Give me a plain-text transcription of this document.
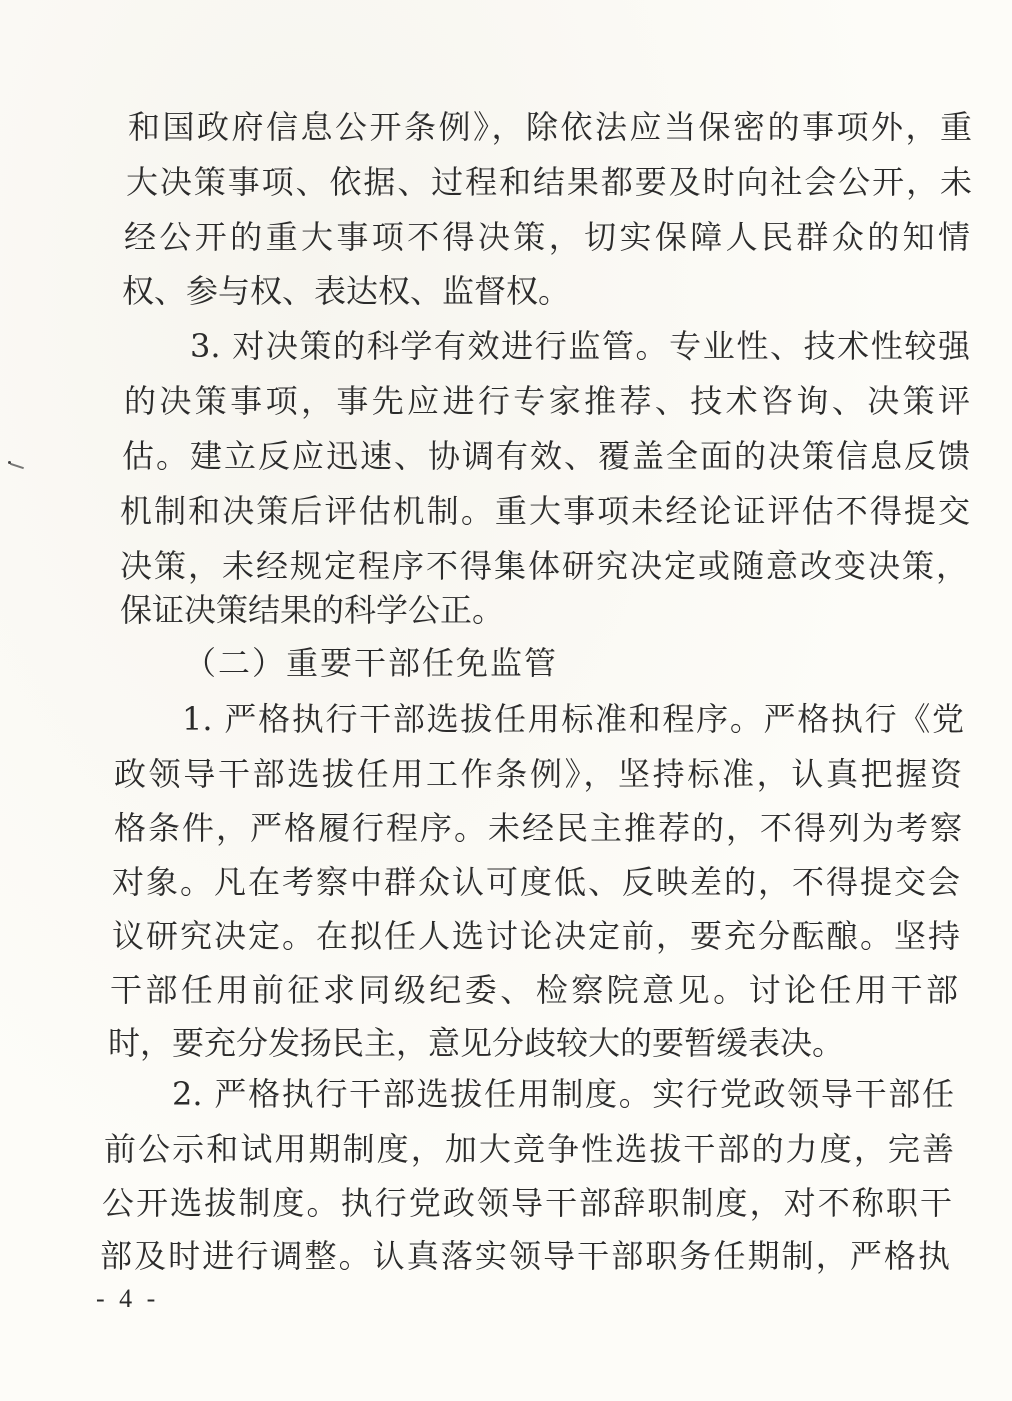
和国政府信息公开条例》，除依法应当保密的事项外，重
大决策事项、依据、过程和结果都要及时向社会公开，未
经公开的重大事项不得决策，切实保障人民群众的知情
权、参与权、表达权、监督权。
3. 对决策的科学有效进行监管。专业性、技术性较强
的决策事项，事先应进行专家推荐、技术咨询、决策评
估。建立反应迅速、协调有效、覆盖全面的决策信息反馈
机制和决策后评估机制。重大事项未经论证评估不得提交
决策，未经规定程序不得集体研究决定或随意改变决策，
保证决策结果的科学公正。
（二）重要干部任免监管
1. 严格执行干部选拔任用标准和程序。严格执行《党
政领导干部选拔任用工作条例》，坚持标准，认真把握资
格条件，严格履行程序。未经民主推荐的，不得列为考察
对象。凡在考察中群众认可度低、反映差的，不得提交会
议研究决定。在拟任人选讨论决定前，要充分酝酿。坚持
干部任用前征求同级纪委、检察院意见。讨论任用干部
时，要充分发扬民主，意见分歧较大的要暂缓表决。
2. 严格执行干部选拔任用制度。实行党政领导干部任
前公示和试用期制度，加大竞争性选拔干部的力度，完善
公开选拔制度。执行党政领导干部辞职制度，对不称职干
部及时进行调整。认真落实领导干部职务任期制，严格执
- 4 -
